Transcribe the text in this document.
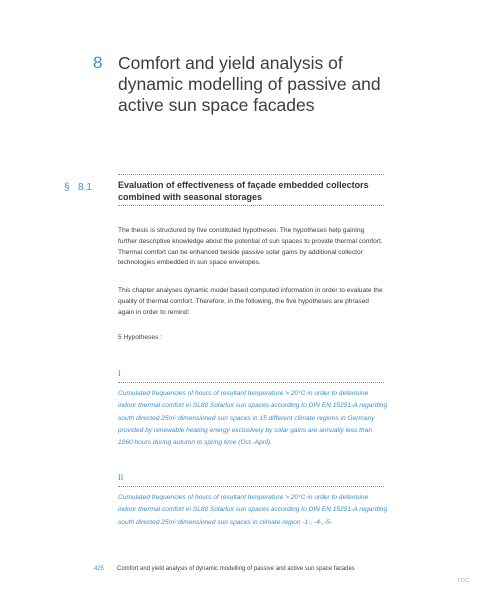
8 Comfort and yield analysis of dynamic modelling of passive and active sun space facades
§ 8.1	Evaluation of effectiveness of façade embedded collectors combined with seasonal storages
The thesis is structured by five constituted hypotheses. The hypotheses help gaining further descriptive knowledge about the potential of sun spaces to provide thermal comfort. Thermal comfort can be enhanced beside passive solar gains by additional collector technologies embedded in sun space envelopes.
This chapter analyses dynamic model based computed information in order to evaluate the quality of thermal comfort. Therefore, in the following, the five hypotheses are phrased again in order to remind:
5 Hypotheses :
I
Cumulated frequencies of hours of resultant temperature > 20°C in order to determine indoor thermal comfort in SL80 Solarlux sun spaces according to DIN EN 15251-A regarding south directed 25m² dimensioned sun spaces in 15 different climate regions in Germany provided by renewable heating energy exclusively by solar gains are annually less than 1060 hours during autumn to spring time (Oct.-April).
II
Cumulated frequencies of hours of resultant temperature > 20°C in order to determine indoor thermal comfort in SL80 Solarlux sun spaces according to DIN EN 15251-A regarding south directed 25m² dimensioned sun spaces in climate region -1-, -4-,-5-
425 Comfort and yield analysis of dynamic modelling of passive and active sun space facades
TOC
